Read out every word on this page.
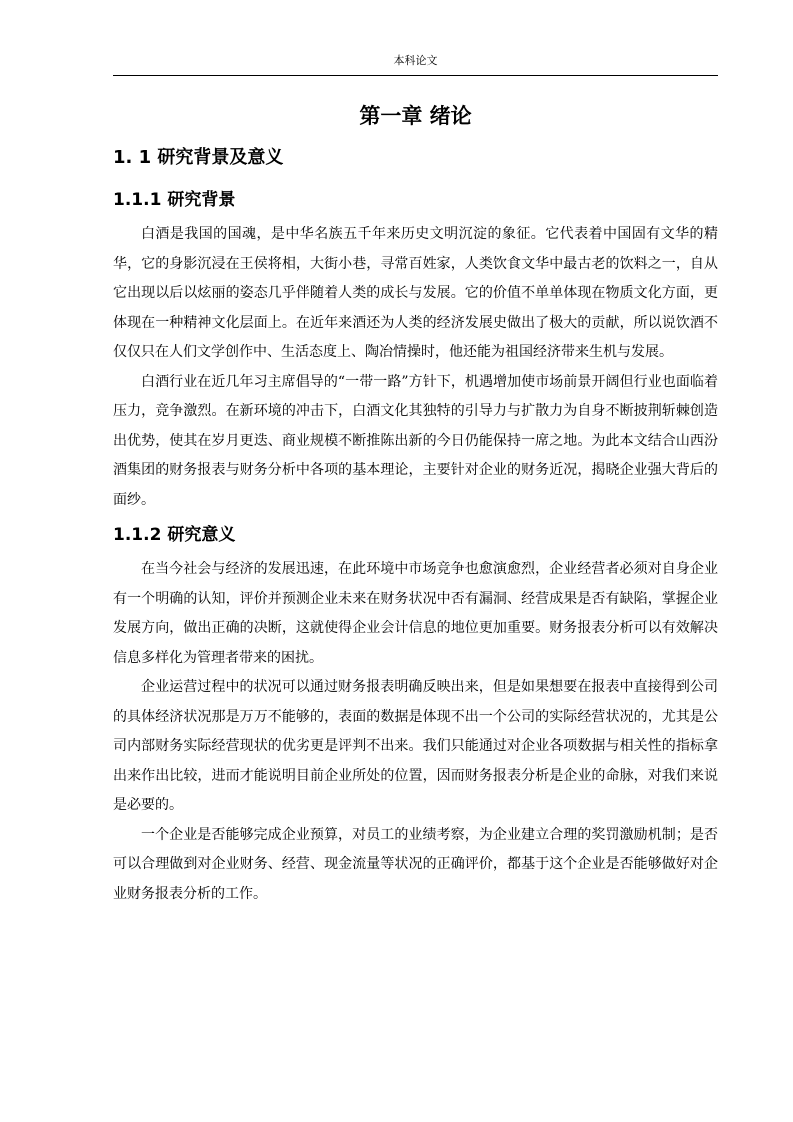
本科论文
第一章 绪论
1. 1 研究背景及意义
1.1.1 研究背景

白酒是我国的国魂，是中华名族五千年来历史文明沉淀的象征。它代表着中国固有文华的精华，它的身影沉浸在王侯将相，大街小巷，寻常百姓家，人类饮食文华中最古老的饮料之一，自从它出现以后以炫丽的姿态几乎伴随着人类的成长与发展。它的价值不单单体现在物质文化方面，更体现在一种精神文化层面上。在近年来酒还为人类的经济发展史做出了极大的贡献，所以说饮酒不仅仅只在人们文学创作中、生活态度上、陶冶情操时，他还能为祖国经济带来生机与发展。

白酒行业在近几年习主席倡导的“一带一路”方针下，机遇增加使市场前景开阔但行业也面临着压力，竞争激烈。在新环境的冲击下，白酒文化其独特的引导力与扩散力为自身不断披荆斩棘创造出优势，使其在岁月更迭、商业规模不断推陈出新的今日仍能保持一席之地。为此本文结合山西汾酒集团的财务报表与财务分析中各项的基本理论，主要针对企业的财务近况，揭晓企业强大背后的面纱。

1.1.2 研究意义

在当今社会与经济的发展迅速，在此环境中市场竞争也愈演愈烈，企业经营者必须对自身企业有一个明确的认知，评价并预测企业未来在财务状况中否有漏洞、经营成果是否有缺陷，掌握企业发展方向，做出正确的决断，这就使得企业会计信息的地位更加重要。财务报表分析可以有效解决信息多样化为管理者带来的困扰。

企业运营过程中的状况可以通过财务报表明确反映出来，但是如果想要在报表中直接得到公司的具体经济状况那是万万不能够的，表面的数据是体现不出一个公司的实际经营状况的，尤其是公司内部财务实际经营现状的优劣更是评判不出来。我们只能通过对企业各项数据与相关性的指标拿出来作出比较，进而才能说明目前企业所处的位置，因而财务报表分析是企业的命脉，对我们来说是必要的。

一个企业是否能够完成企业预算，对员工的业绩考察，为企业建立合理的奖罚激励机制；是否可以合理做到对企业财务、经营、现金流量等状况的正确评价，都基于这个企业是否能够做好对企业财务报表分析的工作。
